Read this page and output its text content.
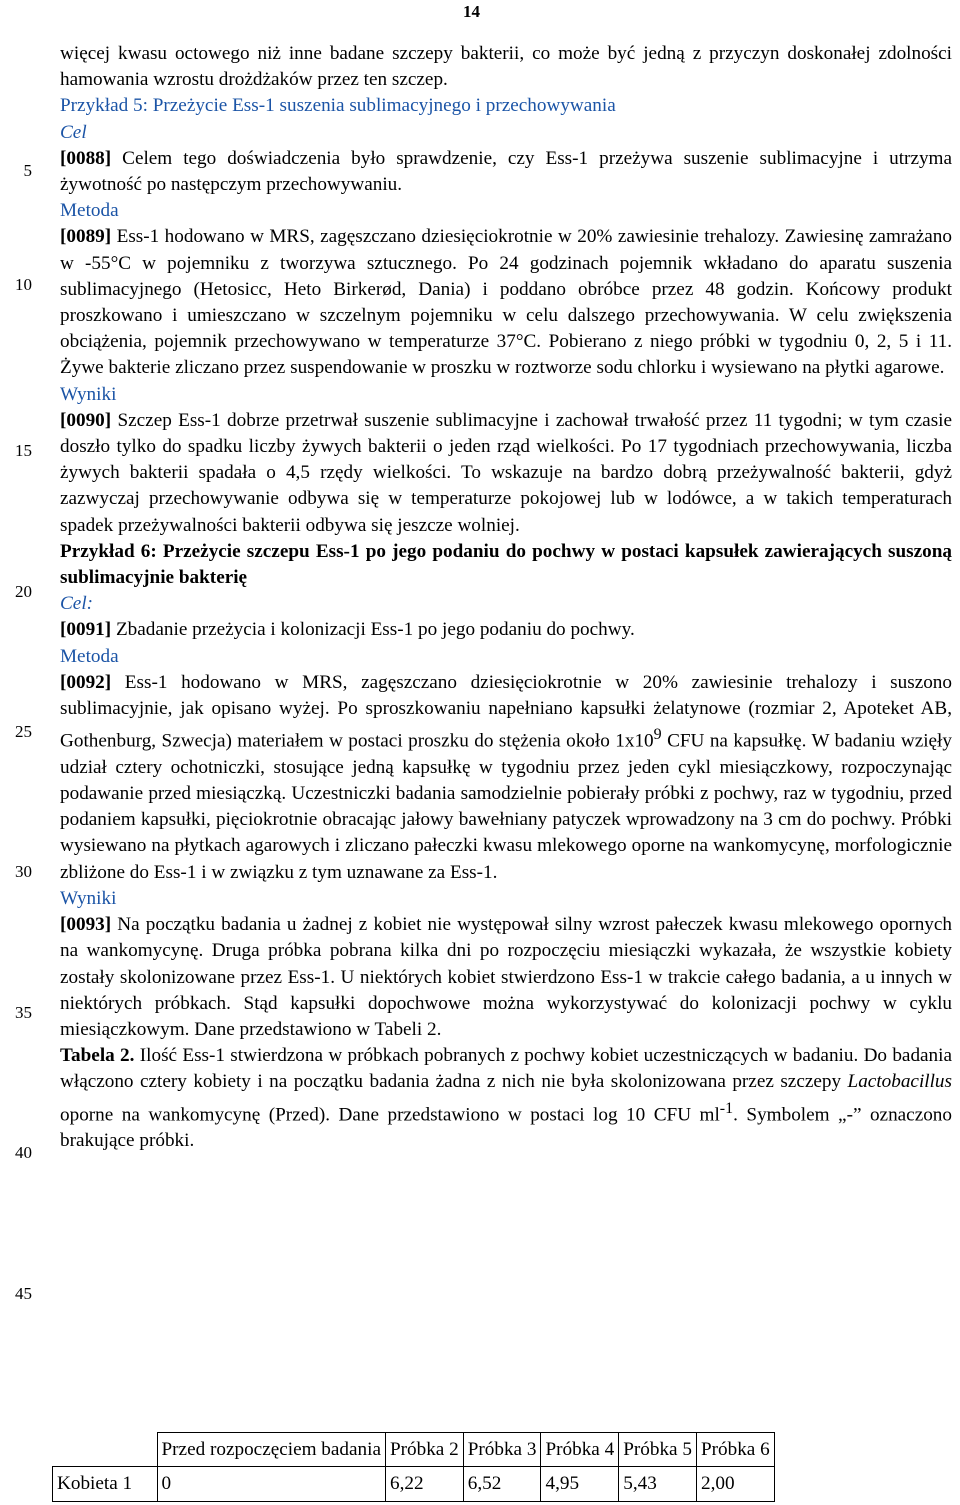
14
5
10
15
20
25
30
35
40
45

więcej kwasu octowego niż inne badane szczepy bakterii, co może być jedną z przyczyn doskonałej zdolności hamowania wzrostu drożdżaków przez ten szczep.

Przykład 5: Przeżycie Ess-1 suszenia sublimacyjnego i przechowywania

Cel

[0088] Celem tego doświadczenia było sprawdzenie, czy Ess-1 przeżywa suszenie sublimacyjne i utrzyma żywotność po następczym przechowywaniu.

Metoda

[0089] Ess-1 hodowano w MRS, zagęszczano dziesięciokrotnie w 20% zawiesinie trehalozy. Zawiesinę zamrażano w -55°C w pojemniku z tworzywa sztucznego. Po 24 godzinach pojemnik wkładano do aparatu suszenia sublimacyjnego (Hetosicc, Heto Birkerød, Dania) i poddano obróbce przez 48 godzin. Końcowy produkt proszkowano i umieszczano w szczelnym pojemniku w celu dalszego przechowywania. W celu zwiększenia obciążenia, pojemnik przechowywano w temperaturze 37°C. Pobierano z niego próbki w tygodniu 0, 2, 5 i 11. Żywe bakterie zliczano przez suspendowanie w proszku w roztworze sodu chlorku i wysiewano na płytki agarowe.

Wyniki

[0090] Szczep Ess-1 dobrze przetrwał suszenie sublimacyjne i zachował trwałość przez 11 tygodni; w tym czasie doszło tylko do spadku liczby żywych bakterii o jeden rząd wielkości. Po 17 tygodniach przechowywania, liczba żywych bakterii spadała o 4,5 rzędy wielkości. To wskazuje na bardzo dobrą przeżywalność bakterii, gdyż zazwyczaj przechowywanie odbywa się w temperaturze pokojowej lub w lodówce, a w takich temperaturach spadek przeżywalności bakterii odbywa się jeszcze wolniej.

Przykład 6: Przeżycie szczepu Ess-1 po jego podaniu do pochwy w postaci kapsułek zawierających suszoną sublimacyjnie bakterię

Cel:

[0091] Zbadanie przeżycia i kolonizacji Ess-1 po jego podaniu do pochwy.

Metoda

[0092] Ess-1 hodowano w MRS, zagęszczano dziesięciokrotnie w 20% zawiesinie trehalozy i suszono sublimacyjnie, jak opisano wyżej. Po sproszkowaniu napełniano kapsułki żelatynowe (rozmiar 2, Apoteket AB, Gothenburg, Szwecja) materiałem w postaci proszku do stężenia około $1x10^9$ CFU na kapsułkę. W badaniu wzięły udział cztery ochotniczki, stosujące jedną kapsułkę w tygodniu przez jeden cykl miesiączkowy, rozpoczynając podawanie przed miesiączką. Uczestniczki badania samodzielnie pobierały próbki z pochwy, raz w tygodniu, przed podaniem kapsułki, pięciokrotnie obracając jałowy bawełniany patyczek wprowadzony na 3 cm do pochwy. Próbki wysiewano na płytkach agarowych i zliczano pałeczki kwasu mlekowego oporne na wankomycynę, morfologicznie zbliżone do Ess-1 i w związku z tym uznawane za Ess-1.

Wyniki

[0093] Na początku badania u żadnej z kobiet nie występował silny wzrost pałeczek kwasu mlekowego opornych na wankomycynę. Druga próbka pobrana kilka dni po rozpoczęciu miesiączki wykazała, że wszystkie kobiety zostały skolonizowane przez Ess-1. U niektórych kobiet stwierdzono Ess-1 w trakcie całego badania, a u innych w niektórych próbkach. Stąd kapsułki dopochwowe można wykorzystywać do kolonizacji pochwy w cyklu miesiączkowym. Dane przedstawiono w Tabeli 2.

Tabela 2. Ilość Ess-1 stwierdzona w próbkach pobranych z pochwy kobiet uczestniczących w badaniu. Do badania włączono cztery kobiety i na początku badania żadna z nich nie była skolonizowana przez szczepy Lactobacillus oporne na wankomycynę (Przed). Dane przedstawiono w postaci log 10 CFU $ml^{-1}$. Symbolem „-” oznaczono brakujące próbki.

	Przed rozpoczęciem badania	Próbka 2	Próbka 3	Próbka 4	Próbka 5	Próbka 6
Kobieta 1	0	6,22	6,52	4,95	5,43	2,00
